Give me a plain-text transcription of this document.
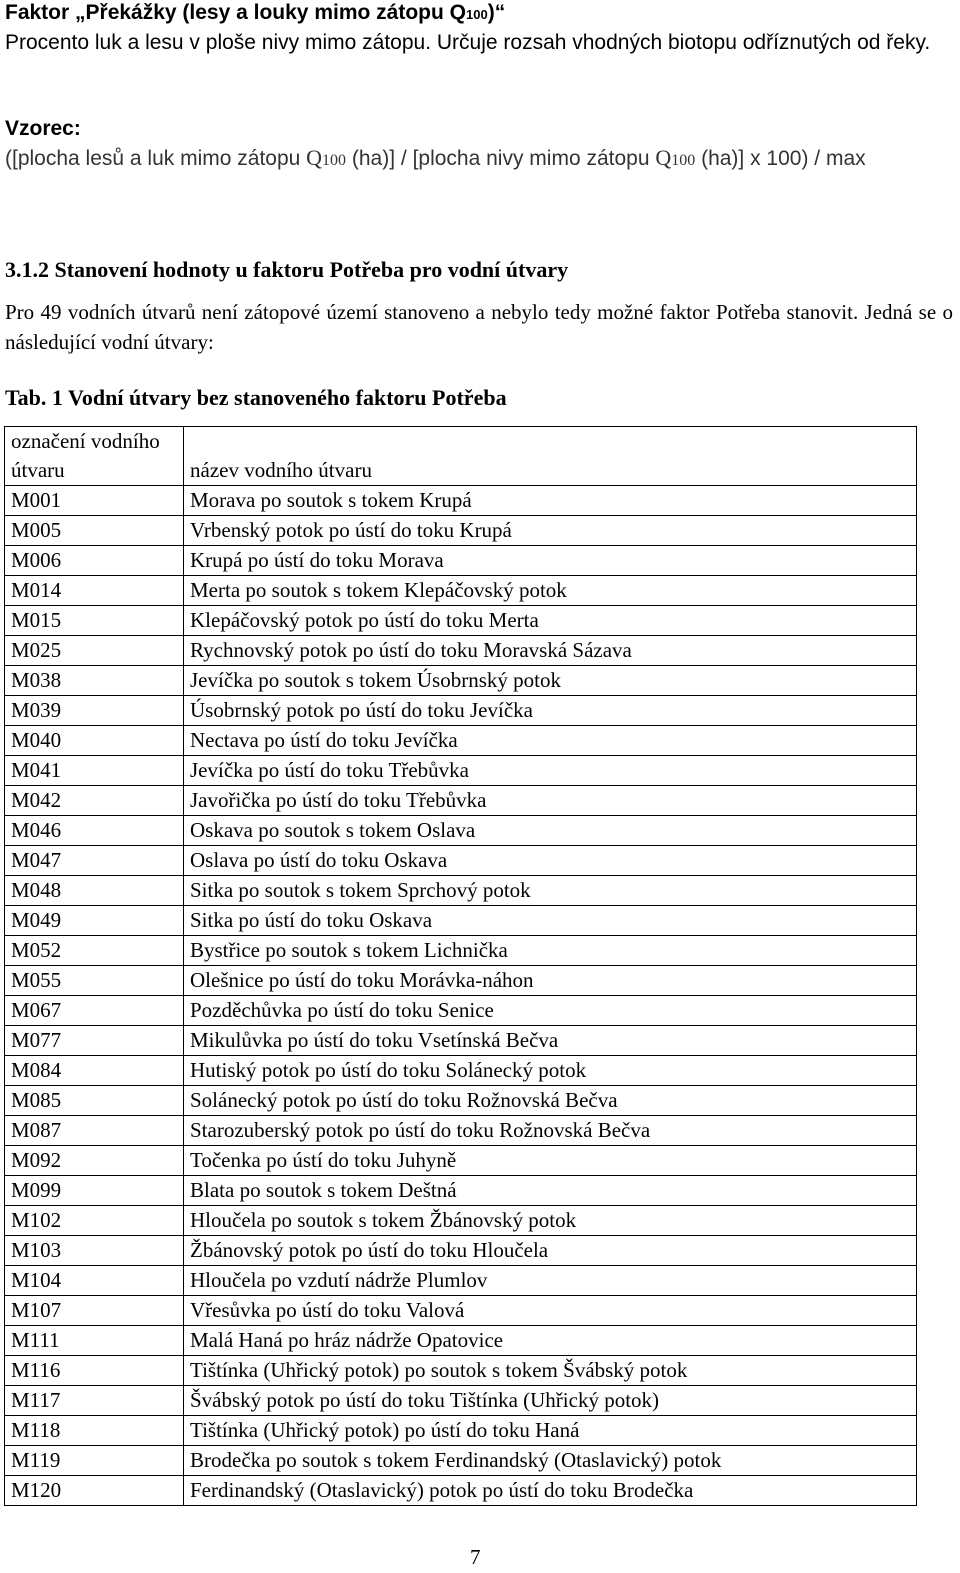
Faktor „Překážky (lesy a louky mimo zátopu Q100)“
Procento luk a lesu v ploše nivy mimo zátopu. Určuje rozsah vhodných biotopu odříznutých od řeky.
Vzorec:
([plocha lesů a luk mimo zátopu Q100 (ha)] / [plocha nivy mimo zátopu Q100 (ha)] x 100) / max
3.1.2 Stanovení hodnoty u faktoru Potřeba pro vodní útvary
Pro 49 vodních útvarů není zátopové území stanoveno a nebylo tedy možné faktor Potřeba stanovit. Jedná se o následující vodní útvary:
Tab. 1 Vodní útvary bez stanoveného faktoru Potřeba
označení vodního útvaru	název vodního útvaru
M001	Morava po soutok s tokem Krupá
M005	Vrbenský potok po ústí do toku Krupá
M006	Krupá po ústí do toku Morava
M014	Merta po soutok s tokem Klepáčovský potok
M015	Klepáčovský potok po ústí do toku Merta
M025	Rychnovský potok po ústí do toku Moravská Sázava
M038	Jevíčka po soutok s tokem Úsobrnský potok
M039	Úsobrnský potok po ústí do toku Jevíčka
M040	Nectava po ústí do toku Jevíčka
M041	Jevíčka po ústí do toku Třebůvka
M042	Javořička po ústí do toku Třebůvka
M046	Oskava po soutok s tokem Oslava
M047	Oslava po ústí do toku Oskava
M048	Sitka po soutok s tokem Sprchový potok
M049	Sitka po ústí do toku Oskava
M052	Bystřice po soutok s tokem Lichnička
M055	Olešnice po ústí do toku Morávka-náhon
M067	Pozděchůvka po ústí do toku Senice
M077	Mikulůvka po ústí do toku Vsetínská Bečva
M084	Hutiský potok po ústí do toku Solánecký potok
M085	Solánecký potok po ústí do toku Rožnovská Bečva
M087	Starozuberský potok po ústí do toku Rožnovská Bečva
M092	Točenka po ústí do toku Juhyně
M099	Blata po soutok s tokem Deštná
M102	Hloučela po soutok s tokem Žbánovský potok
M103	Žbánovský potok po ústí do toku Hloučela
M104	Hloučela po vzdutí nádrže Plumlov
M107	Vřesůvka po ústí do toku Valová
M111	Malá Haná po hráz nádrže Opatovice
M116	Tištínka (Uhřický potok) po soutok s tokem Švábský potok
M117	Švábský potok po ústí do toku Tištínka (Uhřický potok)
M118	Tištínka (Uhřický potok) po ústí do toku Haná
M119	Brodečka po soutok s tokem Ferdinandský (Otaslavický) potok
M120	Ferdinandský (Otaslavický) potok po ústí do toku Brodečka
7
